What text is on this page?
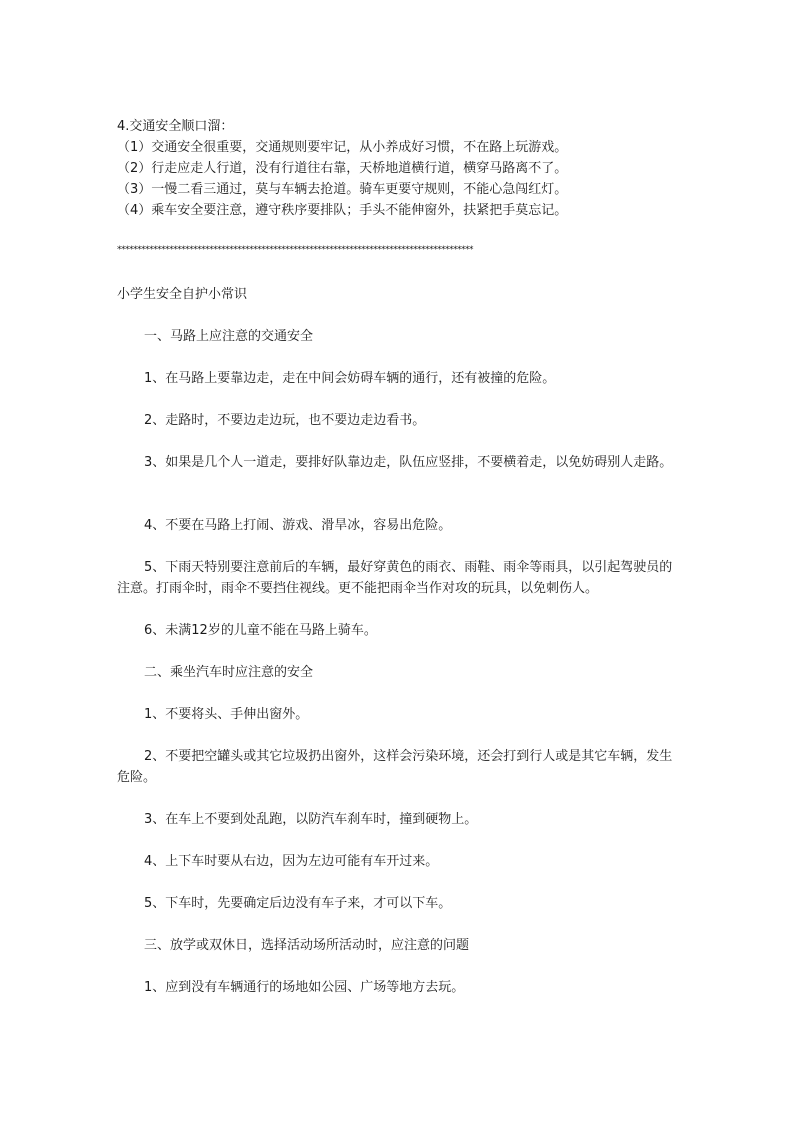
4.交通安全顺口溜：
（1）交通安全很重要，交通规则要牢记，从小养成好习惯，不在路上玩游戏。
（2）行走应走人行道，没有行道往右靠，天桥地道横行道，横穿马路离不了。
（3）一慢二看三通过，莫与车辆去抢道。骑车更要守规则，不能心急闯红灯。
（4）乘车安全要注意，遵守秩序要排队；手头不能伸窗外，扶紧把手莫忘记。
*****************************************************************************************

小学生安全自护小常识

一、马路上应注意的交通安全

1、在马路上要靠边走，走在中间会妨碍车辆的通行，还有被撞的危险。

2、走路时，不要边走边玩，也不要边走边看书。

3、如果是几个人一道走，要排好队靠边走，队伍应竖排，不要横着走，以免妨碍别人走路。

4、不要在马路上打闹、游戏、滑旱冰，容易出危险。

5、下雨天特别要注意前后的车辆，最好穿黄色的雨衣、雨鞋、雨伞等雨具，以引起驾驶员的注意。打雨伞时，雨伞不要挡住视线。更不能把雨伞当作对攻的玩具，以免刺伤人。

6、未满12岁的儿童不能在马路上骑车。

二、乘坐汽车时应注意的安全

1、不要将头、手伸出窗外。

2、不要把空罐头或其它垃圾扔出窗外，这样会污染环境，还会打到行人或是其它车辆，发生危险。

3、在车上不要到处乱跑，以防汽车刹车时，撞到硬物上。

4、上下车时要从右边，因为左边可能有车开过来。

5、下车时，先要确定后边没有车子来，才可以下车。

三、放学或双休日，选择活动场所活动时，应注意的问题

1、应到没有车辆通行的场地如公园、广场等地方去玩。
